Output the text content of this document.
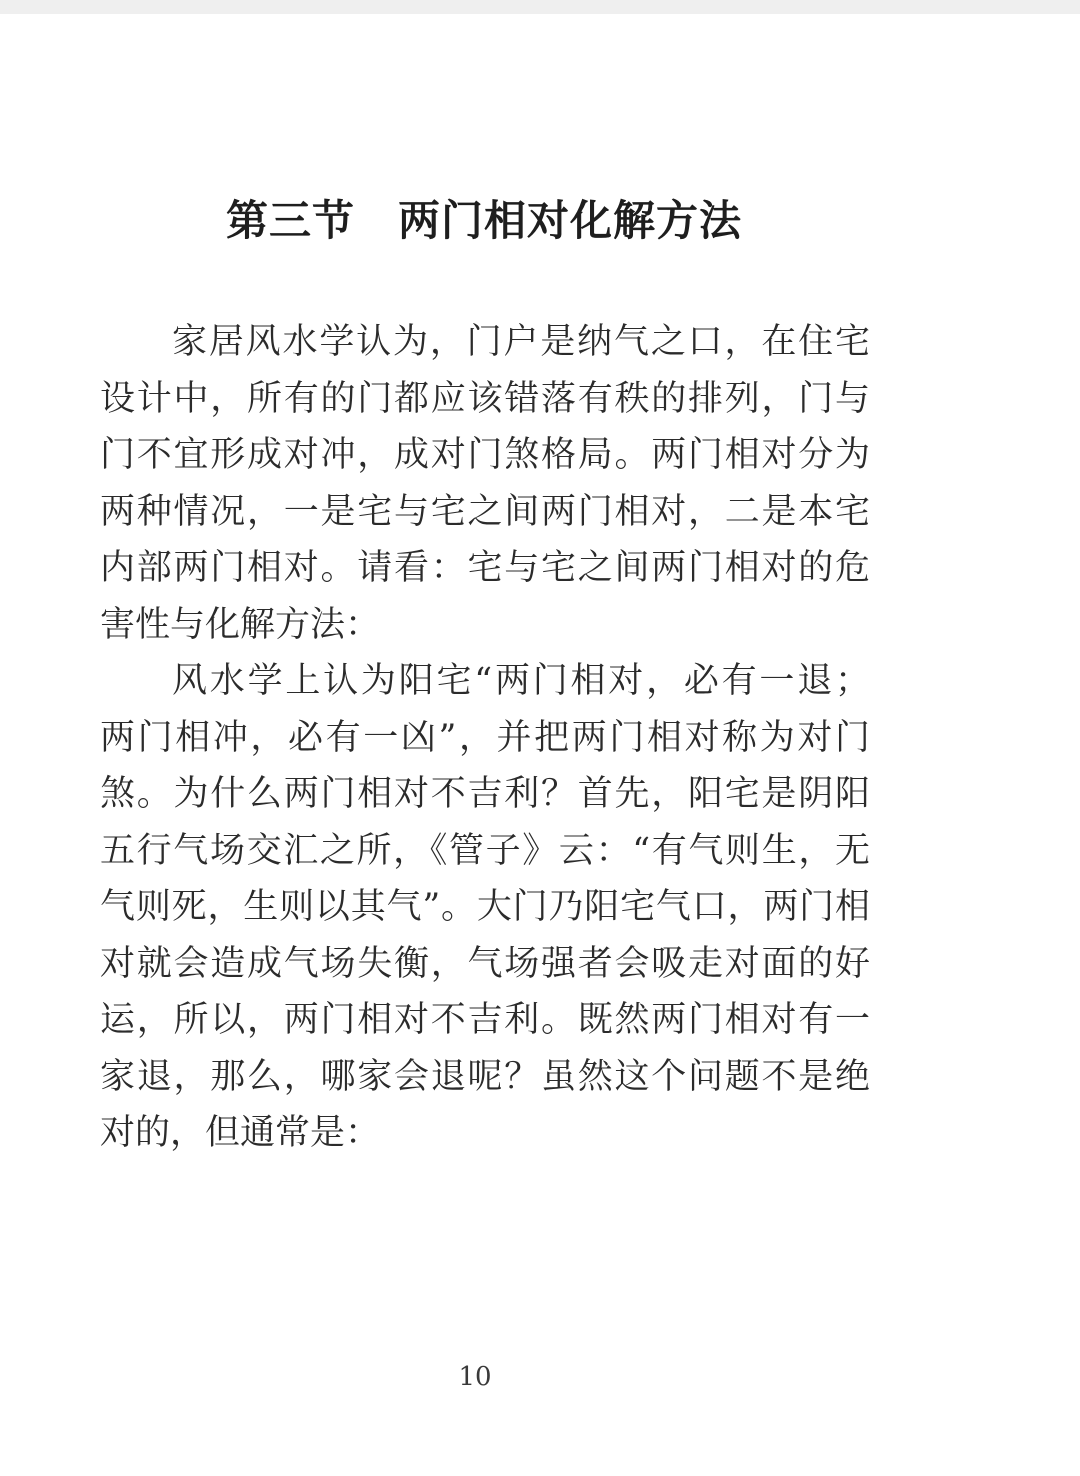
第三节　两门相对化解方法
家居风水学认为，门户是纳气之口，在住宅
设计中，所有的门都应该错落有秩的排列，门与
门不宜形成对冲，成对门煞格局。两门相对分为
两种情况，一是宅与宅之间两门相对，二是本宅
内部两门相对。请看：宅与宅之间两门相对的危
害性与化解方法：
风水学上认为阳宅“两门相对，必有一退；
两门相冲，必有一凶”，并把两门相对称为对门
煞。为什么两门相对不吉利？首先，阳宅是阴阳
五行气场交汇之所，《管子》云：“有气则生，无
气则死，生则以其气”。大门乃阳宅气口，两门相
对就会造成气场失衡，气场强者会吸走对面的好
运，所以，两门相对不吉利。既然两门相对有一
家退，那么，哪家会退呢？虽然这个问题不是绝
对的，但通常是：
10
